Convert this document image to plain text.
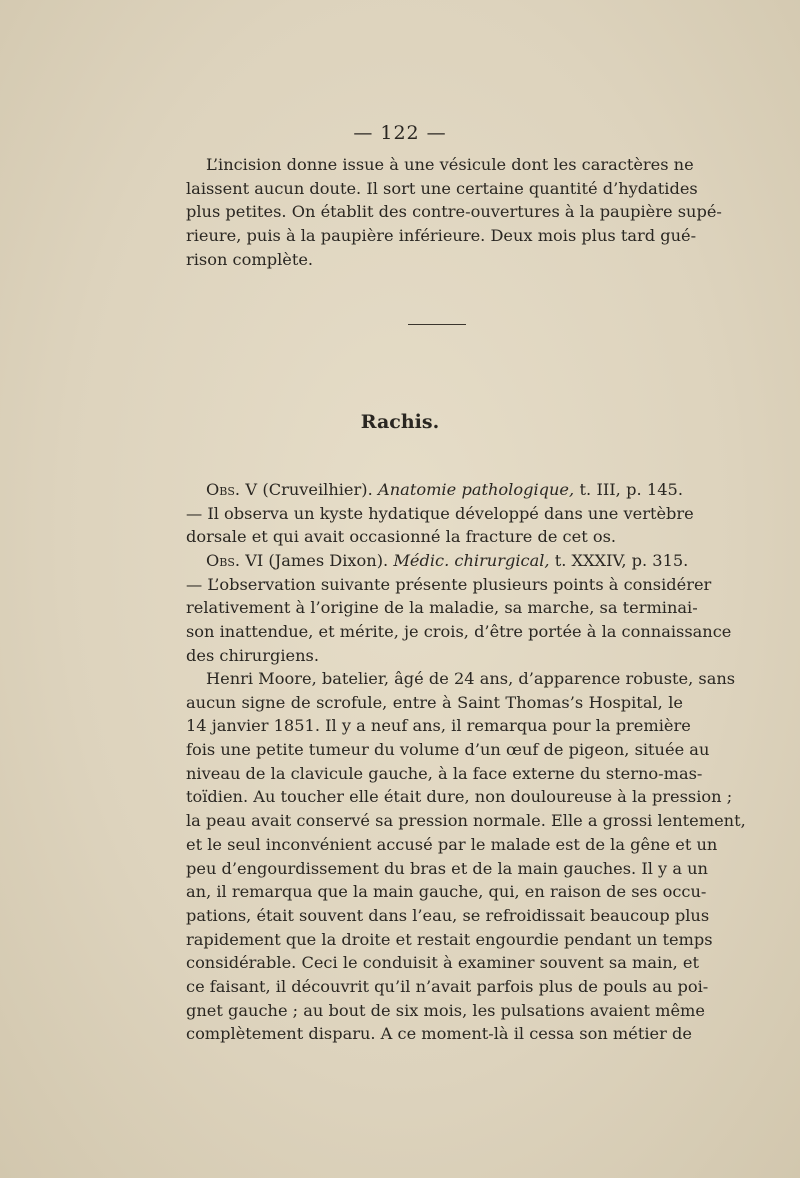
— 122 —
L’incision donne issue à une vésicule dont les caractères ne
laissent aucun doute. Il sort une certaine quantité d’hydatides
plus petites. On établit des contre-ouvertures à la paupière supé-
rieure, puis à la paupière inférieure. Deux mois plus tard gué-
rison complète.
Rachis.
Obs. V (Cruveilhier). Anatomie pathologique, t. III, p. 145.
— Il observa un kyste hydatique développé dans une vertèbre
dorsale et qui avait occasionné la fracture de cet os.
Obs. VI (James Dixon). Médic. chirurgical, t. XXXIV, p. 315.
— L’observation suivante présente plusieurs points à considérer
relativement à l’origine de la maladie, sa marche, sa terminai-
son inattendue, et mérite, je crois, d’être portée à la connaissance
des chirurgiens.
Henri Moore, batelier, âgé de 24 ans, d’apparence robuste, sans
aucun signe de scrofule, entre à Saint Thomas’s Hospital, le
14 janvier 1851. Il y a neuf ans, il remarqua pour la première
fois une petite tumeur du volume d’un œuf de pigeon, située au
niveau de la clavicule gauche, à la face externe du sterno-mas-
toïdien. Au toucher elle était dure, non douloureuse à la pression ;
la peau avait conservé sa pression normale. Elle a grossi lentement,
et le seul inconvénient accusé par le malade est de la gêne et un
peu d’engourdissement du bras et de la main gauches. Il y a un
an, il remarqua que la main gauche, qui, en raison de ses occu-
pations, était souvent dans l’eau, se refroidissait beaucoup plus
rapidement que la droite et restait engourdie pendant un temps
considérable. Ceci le conduisit à examiner souvent sa main, et
ce faisant, il découvrit qu’il n’avait parfois plus de pouls au poi-
gnet gauche ; au bout de six mois, les pulsations avaient même
complètement disparu. A ce moment-là il cessa son métier de
